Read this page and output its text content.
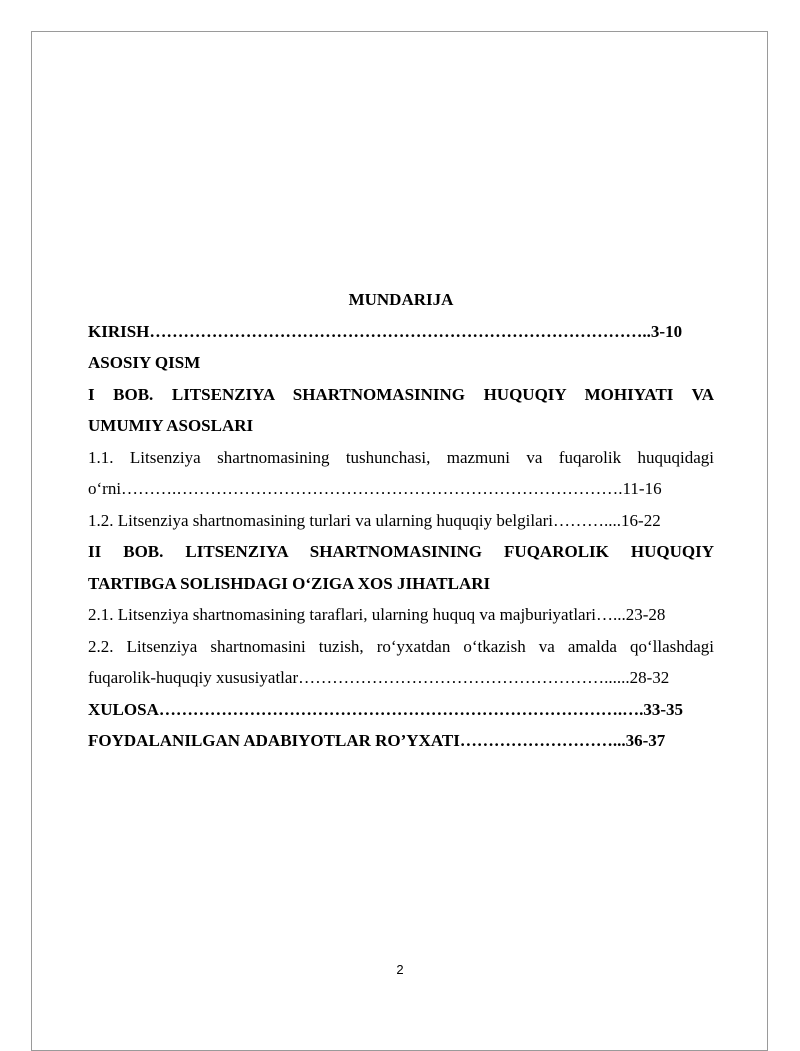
MUNDARIJA
KIRISH……………………………………………………………………………..3-10
ASOSIY QISM
I BOB. LITSENZIYA SHARTNOMASINING HUQUQIY MOHIYATI VA
UMUMIY ASOSLARI
1.1. Litsenziya shartnomasining tushunchasi, mazmuni va fuqarolik huquqidagi
o‘rni……….…………………………………………………………………….11-16
1.2. Litsenziya shartnomasining turlari va ularning huquqiy belgilari………....16-22
II BOB. LITSENZIYA SHARTNOMASINING FUQAROLIK HUQUQIY
TARTIBGA SOLISHDAGI O‘ZIGA XOS JIHATLARI
2.1. Litsenziya shartnomasining taraflari, ularning huquq va majburiyatlari…...23-28
2.2. Litsenziya shartnomasini tuzish, ro‘yxatdan o‘tkazish va amalda qo‘llashdagi
fuqarolik-huquqiy xususiyatlar………………………………………………......28-32
XULOSA……………………………………………………………………….….33-35
FOYDALANILGAN ADABIYOTLAR RO’YXATI………………………...36-37
2
